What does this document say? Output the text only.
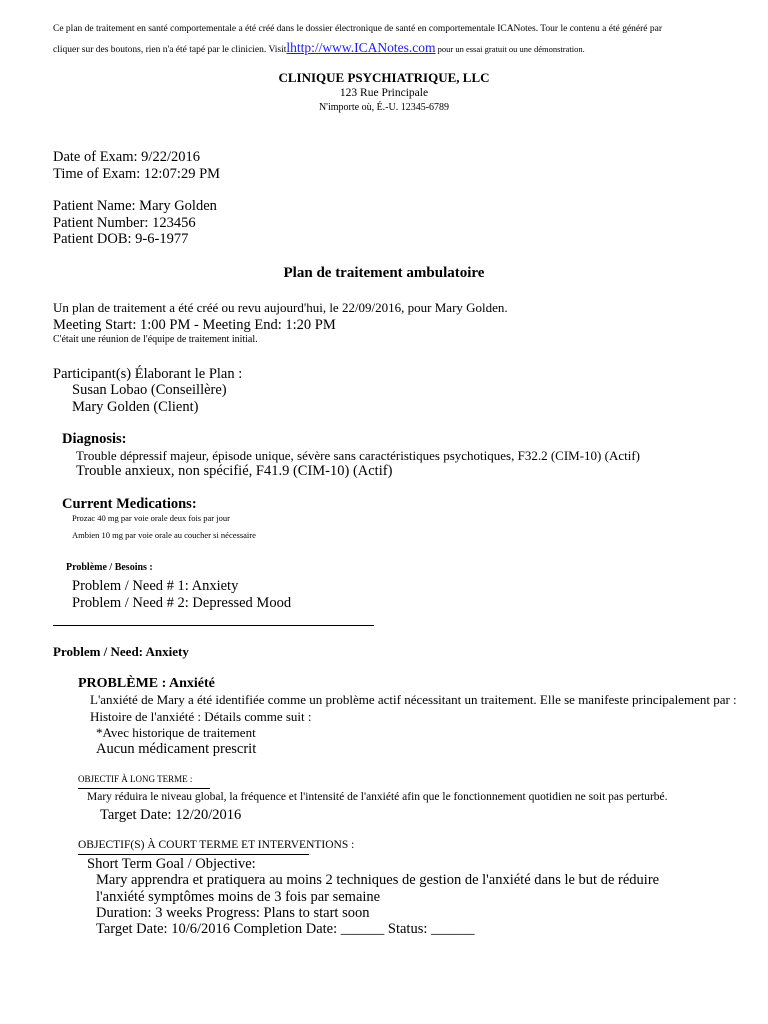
Ce plan de traitement en santé comportementale a été créé dans le dossier électronique de santé en comportementale ICANotes. Tour le contenu a été généré par
cliquer sur des boutons, rien n'a été tapé par le clinicien. Visitlhttp://www.ICANotes.com pour un essai gratuit ou une démonstration.
CLINIQUE PSYCHIATRIQUE, LLC
123 Rue Principale
N'importe où, É.-U. 12345-6789
Date of Exam: 9/22/2016
Time of Exam: 12:07:29 PM
Patient Name: Mary Golden
Patient Number: 123456
Patient DOB: 9-6-1977
Plan de traitement ambulatoire
Un plan de traitement a été créé ou revu aujourd'hui, le 22/09/2016, pour Mary Golden.
Meeting Start: 1:00 PM - Meeting End: 1:20 PM
C'était une réunion de l'équipe de traitement initial.
Participant(s) Élaborant le Plan :
Susan Lobao (Conseillère)
Mary Golden (Client)
Diagnosis:
Trouble dépressif majeur, épisode unique, sévère sans caractéristiques psychotiques, F32.2 (CIM-10) (Actif)
Trouble anxieux, non spécifié, F41.9 (CIM-10) (Actif)
Current Medications:
Prozac 40 mg par voie orale deux fois par jour
Ambien 10 mg par voie orale au coucher si nécessaire
Problème / Besoins :
Problem / Need # 1: Anxiety
Problem / Need # 2: Depressed Mood
Problem / Need: Anxiety
PROBLÈME : Anxiété
L'anxiété de Mary a été identifiée comme un problème actif nécessitant un traitement. Elle se manifeste principalement par :
Histoire de l'anxiété : Détails comme suit :
*Avec historique de traitement
Aucun médicament prescrit
OBJECTIF À LONG TERME :
Mary réduira le niveau global, la fréquence et l'intensité de l'anxiété afin que le fonctionnement quotidien ne soit pas perturbé.
Target Date: 12/20/2016
OBJECTIF(S) À COURT TERME ET INTERVENTIONS :
Short Term Goal / Objective:
Mary apprendra et pratiquera au moins 2 techniques de gestion de l'anxiété dans le but de réduire l'anxiété symptômes moins de 3 fois par semaine
Duration: 3 weeks Progress: Plans to start soon
Target Date: 10/6/2016 Completion Date: ______ Status: ______
